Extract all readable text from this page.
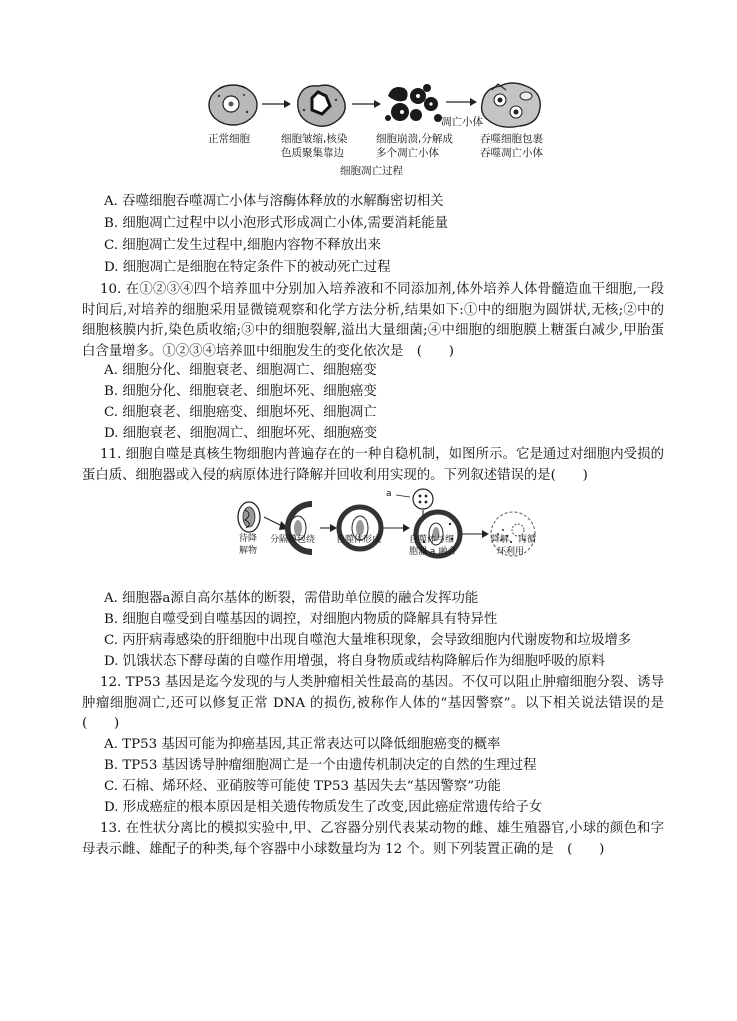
正常细胞	细胞皱缩,核染
色质聚集靠边
细胞崩溃,分解成
多个凋亡小体
凋亡小体
吞噬细胞包裹
吞噬凋亡小体
细胞凋亡过程
A. 吞噬细胞吞噬凋亡小体与溶酶体释放的水解酶密切相关
B. 细胞凋亡过程中以小泡形式形成凋亡小体,需要消耗能量
C. 细胞凋亡发生过程中,细胞内容物不释放出来
D. 细胞凋亡是细胞在特定条件下的被动死亡过程
10. 在①②③④四个培养皿中分别加入培养液和不同添加剂,体外培养人体骨髓造血干细胞,一段时间后,对培养的细胞采用显微镜观察和化学方法分析,结果如下:①中的细胞为圆饼状,无核;②中的细胞核膜内折,染色质收缩;③中的细胞裂解,溢出大量细菌;④中细胞的细胞膜上糖蛋白减少,甲胎蛋白含量增多。①②③④培养皿中细胞发生的变化依次是　(　　)
A. 细胞分化、细胞衰老、细胞凋亡、细胞癌变
B. 细胞分化、细胞衰老、细胞坏死、细胞癌变
C. 细胞衰老、细胞癌变、细胞坏死、细胞凋亡
D. 细胞衰老、细胞凋亡、细胞坏死、细胞癌变
11. 细胞自噬是真核生物细胞内普遍存在的一种自稳机制，如图所示。它是通过对细胞内受损的蛋白质、细胞器或入侵的病原体进行降解并回收利用实现的。下列叙述错误的是(　　)
a
待降
解物
分隔膜包绕 自噬体形成	自噬体与细
胞器 a 融合
降解、再循
环利用
A. 细胞器a源自高尔基体的断裂，需借助单位膜的融合发挥功能
B. 细胞自噬受到自噬基因的调控，对细胞内物质的降解具有特异性
C. 丙肝病毒感染的肝细胞中出现自噬泡大量堆积现象，会导致细胞内代谢废物和垃圾增多
D. 饥饿状态下酵母菌的自噬作用增强，将自身物质或结构降解后作为细胞呼吸的原料
12. TP53 基因是迄今发现的与人类肿瘤相关性最高的基因。不仅可以阻止肿瘤细胞分裂、诱导肿瘤细胞凋亡,还可以修复正常 DNA 的损伤,被称作人体的“基因警察”。以下相关说法错误的是　(　　)
A. TP53 基因可能为抑癌基因,其正常表达可以降低细胞癌变的概率
B. TP53 基因诱导肿瘤细胞凋亡是一个由遗传机制决定的自然的生理过程
C. 石棉、烯环烃、亚硝胺等可能使 TP53 基因失去“基因警察”功能
D. 形成癌症的根本原因是相关遗传物质发生了改变,因此癌症常遗传给子女
13. 在性状分离比的模拟实验中,甲、乙容器分别代表某动物的雌、雄生殖器官,小球的颜色和字母表示雌、雄配子的种类,每个容器中小球数量均为 12 个。则下列装置正确的是　(　　)
